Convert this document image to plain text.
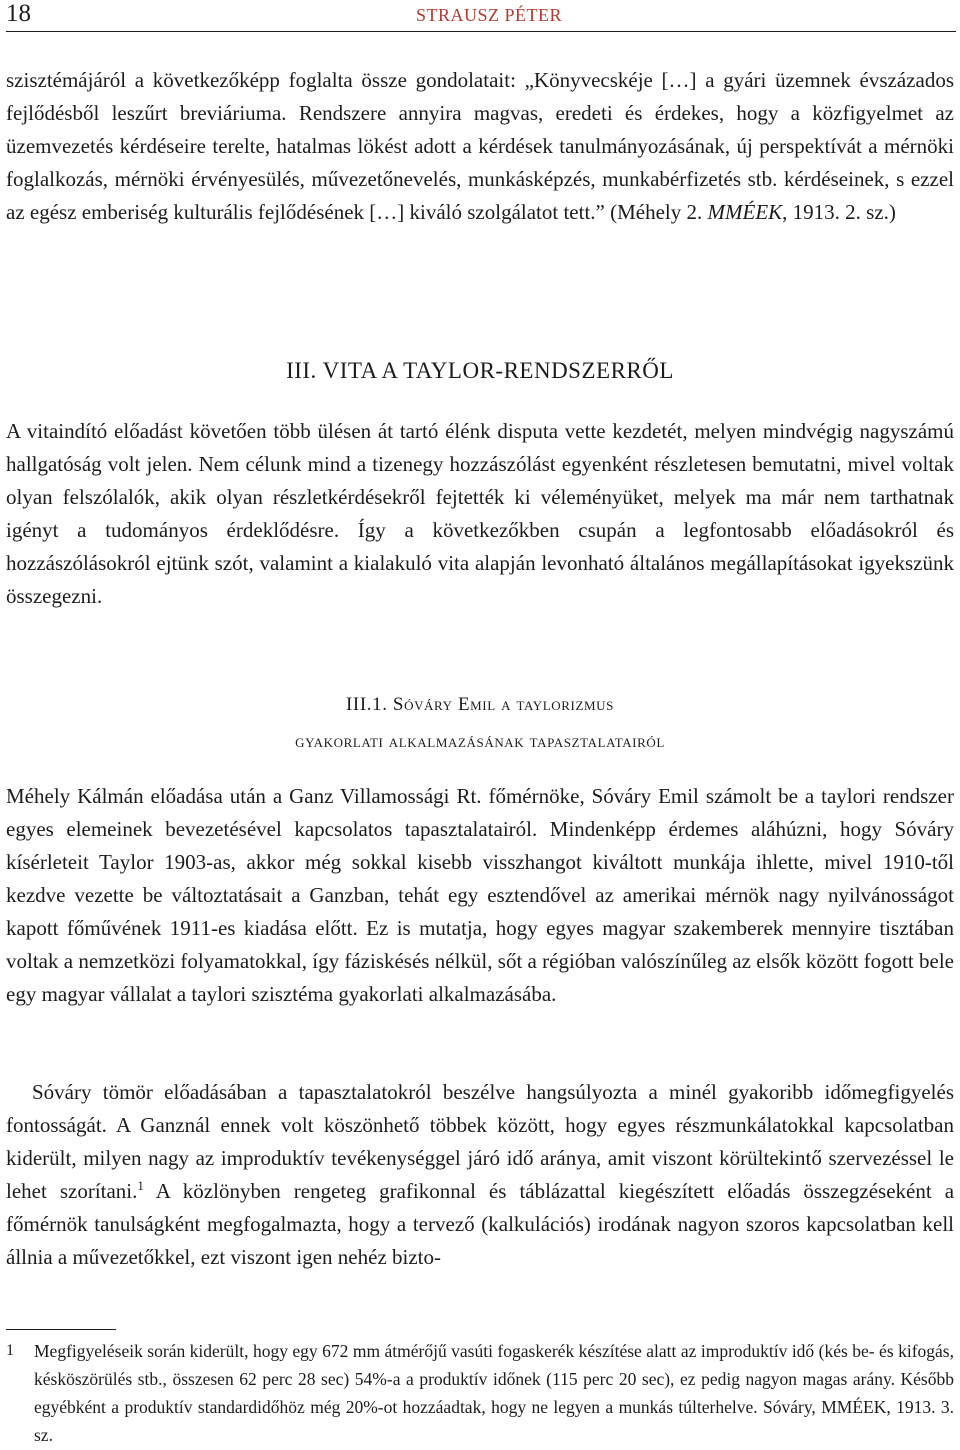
18	STRAUSZ PÉTER

szisztémájáról a következőképp foglalta össze gondolatait: „Könyvecskéje […] a gyári üzemnek évszázados fejlődésből leszűrt breviáriuma. Rendszere annyira magvas, eredeti és érdekes, hogy a közfigyelmet az üzemvezetés kérdéseire terelte, hatalmas lökést adott a kérdések tanulmányozásának, új perspektívát a mérnöki foglalkozás, mérnöki érvényesülés, művezetőnevelés, munkásképzés, munkabérfizetés stb. kérdéseinek, s ezzel az egész emberiség kulturális fejlődésének […] kiváló szolgálatot tett.” (Méhely 2. MMÉEK, 1913. 2. sz.)

III. VITA A TAYLOR-RENDSZERRŐL

A vitaindító előadást követően több ülésen át tartó élénk disputa vette kezdetét, melyen mindvégig nagyszámú hallgatóság volt jelen. Nem célunk mind a tizenegy hozzászólást egyenként részletesen bemutatni, mivel voltak olyan felszólalók, akik olyan részletkérdésekről fejtették ki véleményüket, melyek ma már nem tarthatnak igényt a tudományos érdeklődésre. Így a következőkben csupán a legfontosabb előadásokról és hozzászólásokról ejtünk szót, valamint a kialakuló vita alapján levonható általános megállapításokat igyekszünk összegezni.

III.1. Sóváry Emil a taylorizmus
gyakorlati alkalmazásának tapasztalatairól

Méhely Kálmán előadása után a Ganz Villamossági Rt. főmérnöke, Sóváry Emil számolt be a taylori rendszer egyes elemeinek bevezetésével kapcsolatos tapasztalatairól. Mindenképp érdemes aláhúzni, hogy Sóváry kísérleteit Taylor 1903-as, akkor még sokkal kisebb visszhangot kiváltott munkája ihlette, mivel 1910-től kezdve vezette be változtatásait a Ganzban, tehát egy esztendővel az amerikai mérnök nagy nyilvánosságot kapott főművének 1911-es kiadása előtt. Ez is mutatja, hogy egyes magyar szakemberek mennyire tisztában voltak a nemzetközi folyamatokkal, így fáziskésés nélkül, sőt a régióban valószínűleg az elsők között fogott bele egy magyar vállalat a taylori szisztéma gyakorlati alkalmazásába.

Sóváry tömör előadásában a tapasztalatokról beszélve hangsúlyozta a minél gyakoribb időmegfigyelés fontosságát. A Ganznál ennek volt köszönhető többek között, hogy egyes részmunkálatokkal kapcsolatban kiderült, milyen nagy az improduktív tevékenységgel járó idő aránya, amit viszont körültekintő szervezéssel le lehet szorítani.$^1$ A közlönyben rengeteg grafikonnal és táblázattal kiegészített előadás összegzéseként a főmérnök tanulságként megfogalmazta, hogy a tervező (kalkulációs) irodának nagyon szoros kapcsolatban kell állnia a művezetőkkel, ezt viszont igen nehéz bizto-

1 Megfigyeléseik során kiderült, hogy egy 672 mm átmérőjű vasúti fogaskerék készítése alatt az improduktív idő (kés be- és kifogás, késköszörülés stb., összesen 62 perc 28 sec) 54%-a a produktív időnek (115 perc 20 sec), ez pedig nagyon magas arány. Később egyébként a produktív standardidőhöz még 20%-ot hozzáadtak, hogy ne legyen a munkás túlterhelve. Sóváry, MMÉEK, 1913. 3. sz.
